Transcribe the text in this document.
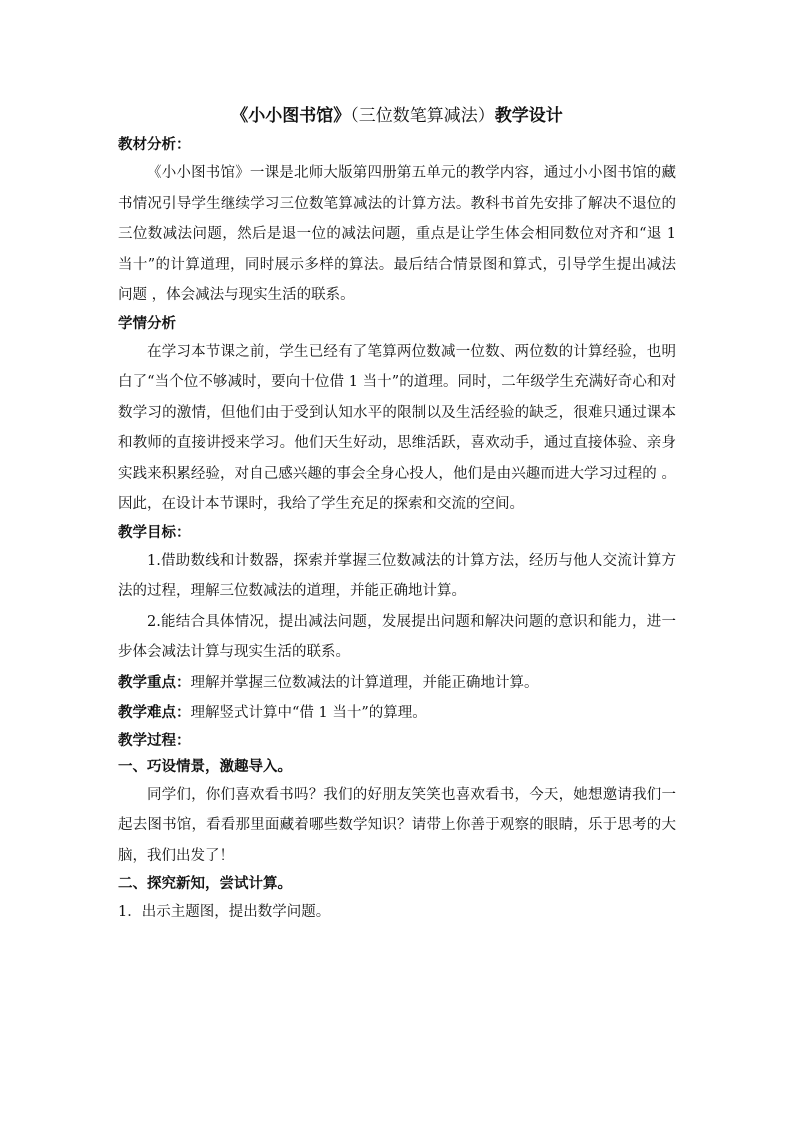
《小小图书馆》（三位数笔算减法）教学设计

教材分析：

《小小图书馆》一课是北师大版第四册第五单元的教学内容，通过小小图书馆的藏书情况引导学生继续学习三位数笔算减法的计算方法。教科书首先安排了解决不退位的三位数减法问题，然后是退一位的减法问题，重点是让学生体会相同数位对齐和“退 1 当十”的计算道理，同时展示多样的算法。最后结合情景图和算式，引导学生提出减法问题 ，体会减法与现实生活的联系。

学情分析

在学习本节课之前，学生已经有了笔算两位数减一位数、两位数的计算经验，也明白了“当个位不够减时，要向十位借 1 当十”的道理。同时，二年级学生充满好奇心和对数学习的激情，但他们由于受到认知水平的限制以及生活经验的缺乏，很难只通过课本和教师的直接讲授来学习。他们天生好动，思维活跃，喜欢动手，通过直接体验、亲身实践来积累经验，对自己感兴趣的事会全身心投人，他们是由兴趣而进大学习过程的 。因此，在设计本节课时，我给了学生充足的探索和交流的空间。

教学目标：

1.借助数线和计数器，探索并掌握三位数减法的计算方法，经历与他人交流计算方法的过程，理解三位数减法的道理，并能正确地计算。

2.能结合具体情况，提出减法问题，发展提出问题和解决问题的意识和能力，进一步体会减法计算与现实生活的联系。

教学重点：理解并掌握三位数减法的计算道理，并能正确地计算。

教学难点：理解竖式计算中“借 1 当十”的算理。

教学过程：

一、巧设情景，激趣导入。

同学们，你们喜欢看书吗？我们的好朋友笑笑也喜欢看书，今天，她想邀请我们一起去图书馆，看看那里面藏着哪些数学知识？请带上你善于观察的眼睛，乐于思考的大脑，我们出发了！

二、探究新知，尝试计算。

1．出示主题图，提出数学问题。
